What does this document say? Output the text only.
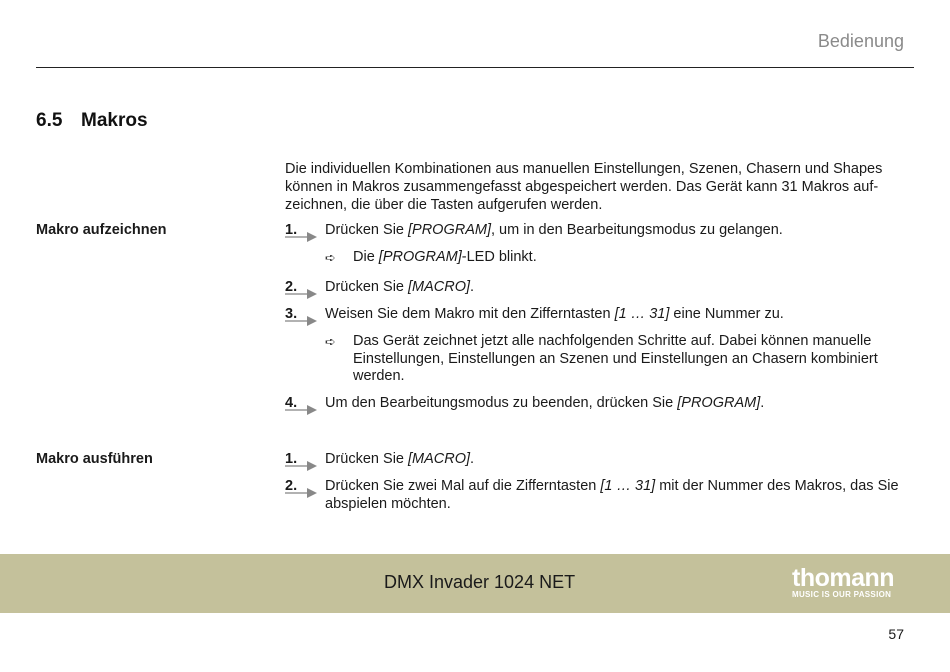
Bedienung
6.5 Makros
Die individuellen Kombinationen aus manuellen Einstellungen, Szenen, Chasern und Shapes können in Makros zusammengefasst abgespeichert werden. Das Gerät kann 31 Makros aufzeichnen, die über die Tasten aufgerufen werden.
Makro aufzeichnen	1. Drücken Sie [PROGRAM], um in den Bearbeitungsmodus zu gelangen.
➪ Die [PROGRAM]-LED blinkt.
2. Drücken Sie [MACRO].
3. Weisen Sie dem Makro mit den Zifferntasten [1 … 31] eine Nummer zu.
➪ Das Gerät zeichnet jetzt alle nachfolgenden Schritte auf. Dabei können manuelle Einstellungen, Einstellungen an Szenen und Einstellungen an Chasern kombiniert werden.
4. Um den Bearbeitungsmodus zu beenden, drücken Sie [PROGRAM].
Makro ausführen	1. Drücken Sie [MACRO].
2. Drücken Sie zwei Mal auf die Zifferntasten [1 … 31] mit der Nummer des Makros, das Sie abspielen möchten.
DMX Invader 1024 NET	thomann
MUSIC IS OUR PASSION
57
